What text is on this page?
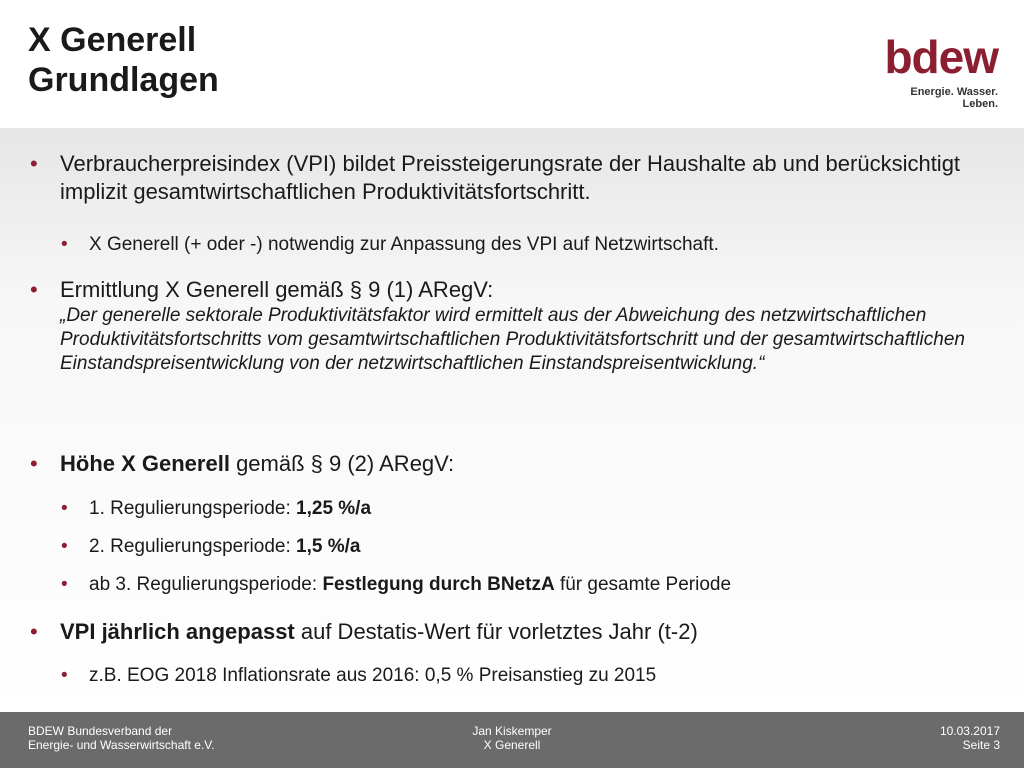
X Generell
Grundlagen	bdew
Energie. Wasser. Leben.
• Verbraucherpreisindex (VPI) bildet Preissteigerungsrate der Haushalte ab und berücksichtigt implizit gesamtwirtschaftlichen Produktivitätsfortschritt.
• X Generell (+ oder -) notwendig zur Anpassung des VPI auf Netzwirtschaft.
• Ermittlung X Generell gemäß § 9 (1) ARegV:
„Der generelle sektorale Produktivitätsfaktor wird ermittelt aus der Abweichung des netzwirtschaftlichen Produktivitätsfortschritts vom gesamtwirtschaftlichen Produktivitätsfortschritt und der gesamtwirtschaftlichen Einstandspreisentwicklung von der netzwirtschaftlichen Einstandspreisentwicklung.“
• Höhe X Generell gemäß § 9 (2) ARegV:
• 1. Regulierungsperiode: 1,25 %/a
• 2. Regulierungsperiode: 1,5 %/a
• ab 3. Regulierungsperiode: Festlegung durch BNetzA für gesamte Periode
• VPI jährlich angepasst auf Destatis-Wert für vorletztes Jahr (t-2)
• z.B. EOG 2018 Inflationsrate aus 2016: 0,5 % Preisanstieg zu 2015
BDEW Bundesverband der
Energie- und Wasserwirtschaft e.V.
Jan Kiskemper
X Generell
10.03.2017
Seite 3
